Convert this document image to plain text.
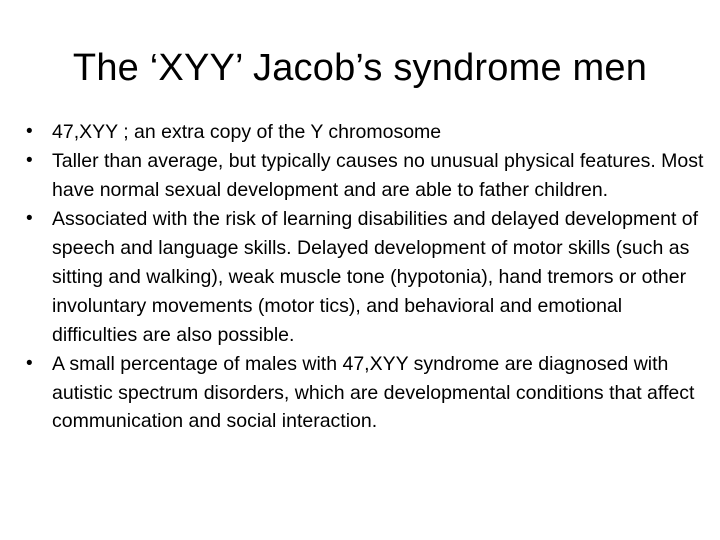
The ‘XYY’ Jacob’s syndrome men
• 47,XYY ; an extra copy of the Y chromosome
• Taller than average, but typically causes no unusual physical features. Most have normal sexual development and are able to father children.
• Associated with the risk of learning disabilities and delayed development of speech and language skills. Delayed development of motor skills (such as sitting and walking), weak muscle tone (hypotonia), hand tremors or other involuntary movements (motor tics), and behavioral and emotional difficulties are also possible.
• A small percentage of males with 47,XYY syndrome are diagnosed with autistic spectrum disorders, which are developmental conditions that affect communication and social interaction.
